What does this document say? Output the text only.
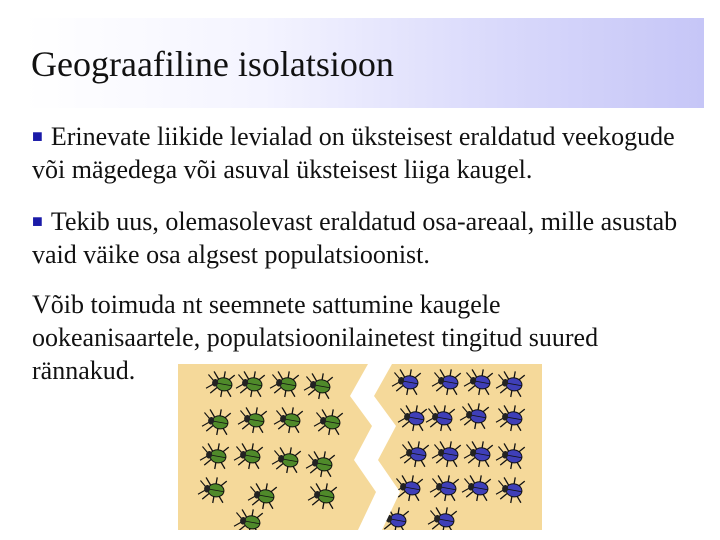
Geograafiline isolatsioon

■ Erinevate liikide levialad on üksteisest eraldatud veekogude või mägedega või asuval üksteisest liiga kaugel.

■ Tekib uus, olemasolevast eraldatud osa-areaal, mille asustab vaid väike osa algsest populatsioonist.

Võib toimuda nt seemnete sattumine kaugele ookeanisaartele, populatsioonilainetest tingitud suured rännakud.
